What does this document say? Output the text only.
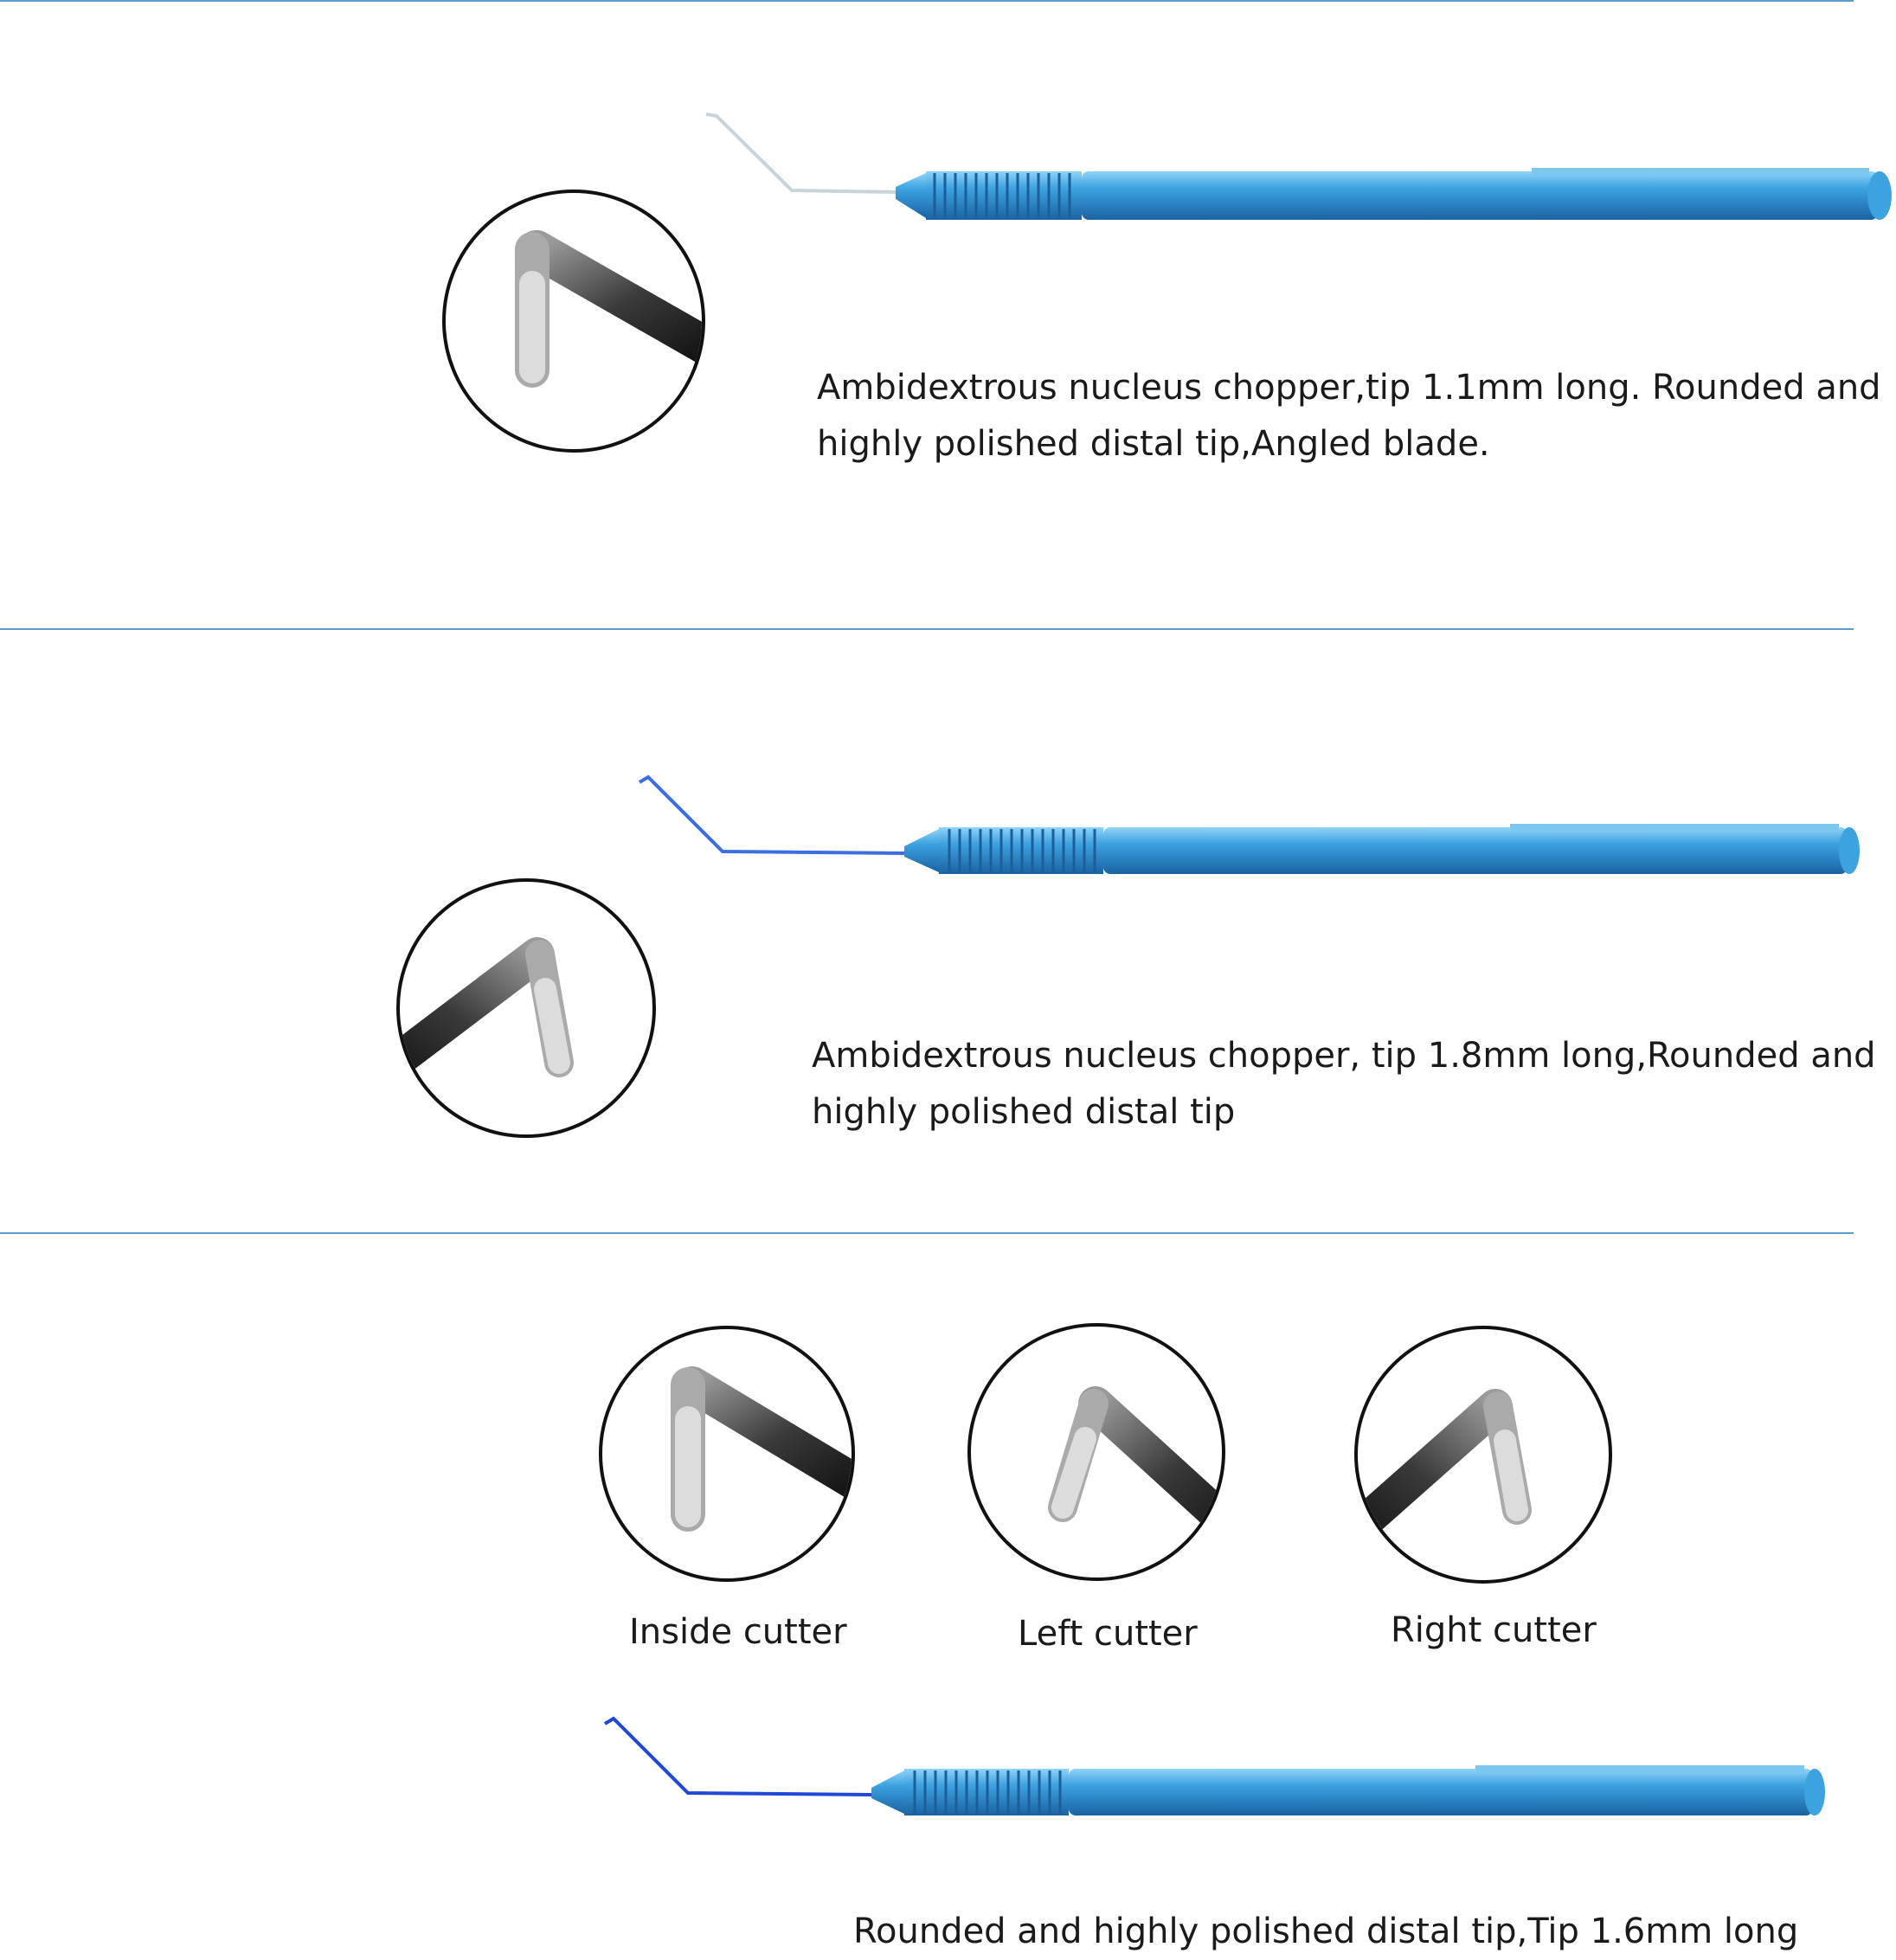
Ambidextrous nucleus chopper,tip 1.1mm long. Rounded and
highly polished distal tip,Angled blade.
Ambidextrous nucleus chopper, tip 1.8mm long,Rounded and
highly polished distal tip
Inside cutter	Left cutter	Right cutter
Rounded and highly polished distal tip,Tip 1.6mm long
